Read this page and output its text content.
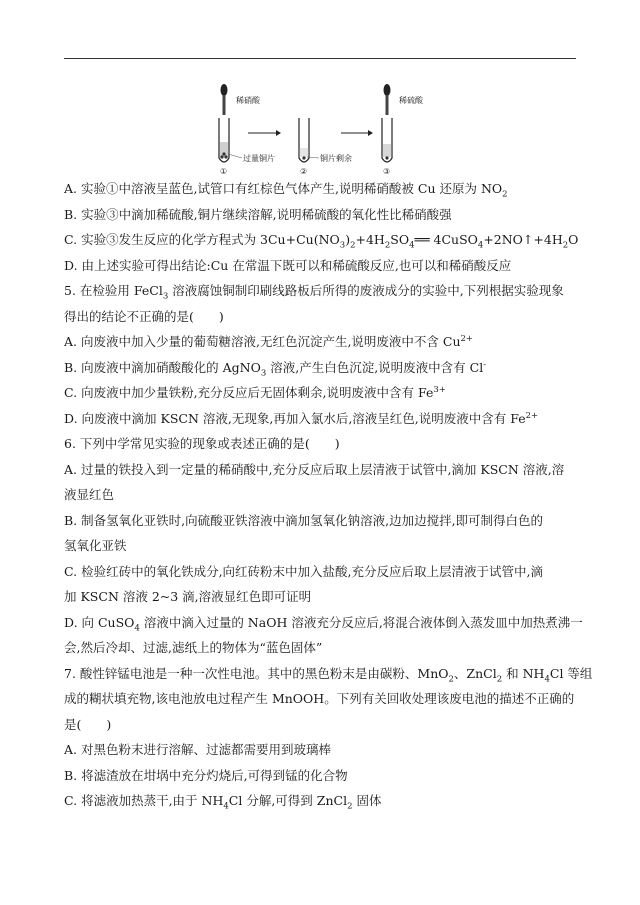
稀硝酸
过量铜片
①
铜片剩余
②
稀硫酸
③
A. 实验①中溶液呈蓝色,试管口有红棕色气体产生,说明稀硝酸被 Cu 还原为 $NO_2$
B. 实验③中滴加稀硫酸,铜片继续溶解,说明稀硫酸的氧化性比稀硝酸强
C. 实验③发生反应的化学方程式为 $3Cu+Cu(NO_3)_2+4H_2SO_4══$ $4CuSO_4+2NO↑+4H_2O$
D. 由上述实验可得出结论:Cu 在常温下既可以和稀硫酸反应,也可以和稀硝酸反应
5. 在检验用 FeCl$_3$ 溶液腐蚀铜制印刷线路板后所得的废液成分的实验中,下列根据实验现象
得出的结论不正确的是(　　)
A. 向废液中加入少量的葡萄糖溶液,无红色沉淀产生,说明废液中不含 $Cu^{2+}$
B. 向废液中滴加硝酸酸化的 AgNO$_3$ 溶液,产生白色沉淀,说明废液中含有 Cl-
C. 向废液中加少量铁粉,充分反应后无固体剩余,说明废液中含有 $Fe^{3+}$
D. 向废液中滴加 KSCN 溶液,无现象,再加入氯水后,溶液呈红色,说明废液中含有 $Fe^{2+}$
6. 下列中学常见实验的现象或表述正确的是(　　)
A. 过量的铁投入到一定量的稀硝酸中,充分反应后取上层清液于试管中,滴加 KSCN 溶液,溶
液显红色
B. 制备氢氧化亚铁时,向硫酸亚铁溶液中滴加氢氧化钠溶液,边加边搅拌,即可制得白色的
氢氧化亚铁
C. 检验红砖中的氧化铁成分,向红砖粉末中加入盐酸,充分反应后取上层清液于试管中,滴
加 KSCN 溶液 2~3 滴,溶液显红色即可证明
D. 向 CuSO$_4$ 溶液中滴入过量的 NaOH 溶液充分反应后,将混合液体倒入蒸发皿中加热煮沸一
会,然后冷却、过滤,滤纸上的物体为“蓝色固体”
7. 酸性锌锰电池是一种一次性电池。其中的黑色粉末是由碳粉、MnO$_2$、ZnCl$_2$ 和 $NH_4Cl$ 等组
成的糊状填充物,该电池放电过程产生 MnOOH。下列有关回收处理该废电池的描述不正确的
是(　　)
A. 对黑色粉末进行溶解、过滤都需要用到玻璃棒
B. 将滤渣放在坩埚中充分灼烧后,可得到锰的化合物
C. 将滤液加热蒸干,由于 $NH_4Cl$ 分解,可得到 ZnCl$_2$ 固体
